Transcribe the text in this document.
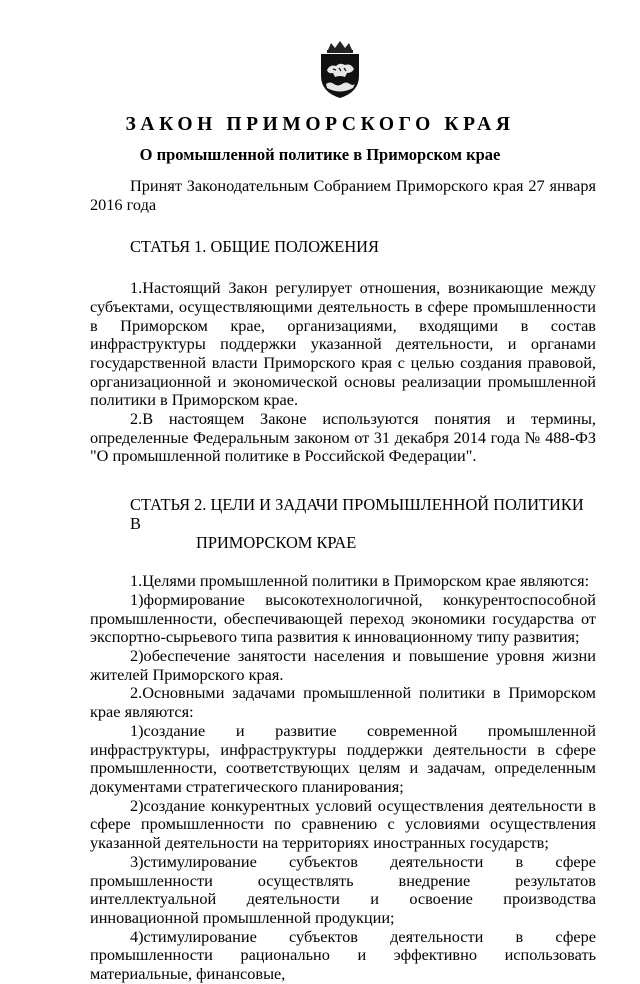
ЗАКОН ПРИМОРСКОГО КРАЯ
О промышленной политике в Приморском крае

Принят Законодательным Собранием Приморского края 27 января 2016 года

СТАТЬЯ 1. ОБЩИЕ ПОЛОЖЕНИЯ

1.Настоящий Закон регулирует отношения, возникающие между субъектами, осуществляющими деятельность в сфере промышленности в Приморском крае, организациями, входящими в состав инфраструктуры поддержки указанной деятельности, и органами государственной власти Приморского края с целью создания правовой, организационной и экономической основы реализации промышленной политики в Приморском крае.

2.В настоящем Законе используются понятия и термины, определенные Федеральным законом от 31 декабря 2014 года № 488-ФЗ "О промышленной политике в Российской Федерации".

СТАТЬЯ 2. ЦЕЛИ И ЗАДАЧИ ПРОМЫШЛЕННОЙ ПОЛИТИКИ В
ПРИМОРСКОМ КРАЕ

1.Целями промышленной политики в Приморском крае являются:

1)формирование высокотехнологичной, конкурентоспособной промышленности, обеспечивающей переход экономики государства от экспортно-сырьевого типа развития к инновационному типу развития;

2)обеспечение занятости населения и повышение уровня жизни жителей Приморского края.

2.Основными задачами промышленной политики в Приморском крае являются:

1)создание и развитие современной промышленной инфраструктуры, инфраструктуры поддержки деятельности в сфере промышленности, соответствующих целям и задачам, определенным документами стратегического планирования;

2)создание конкурентных условий осуществления деятельности в сфере промышленности по сравнению с условиями осуществления указанной деятельности на территориях иностранных государств;

3)стимулирование субъектов деятельности в сфере промышленности осуществлять внедрение результатов интеллектуальной деятельности и освоение производства инновационной промышленной продукции;

4)стимулирование субъектов деятельности в сфере промышленности рационально и эффективно использовать материальные, финансовые,
